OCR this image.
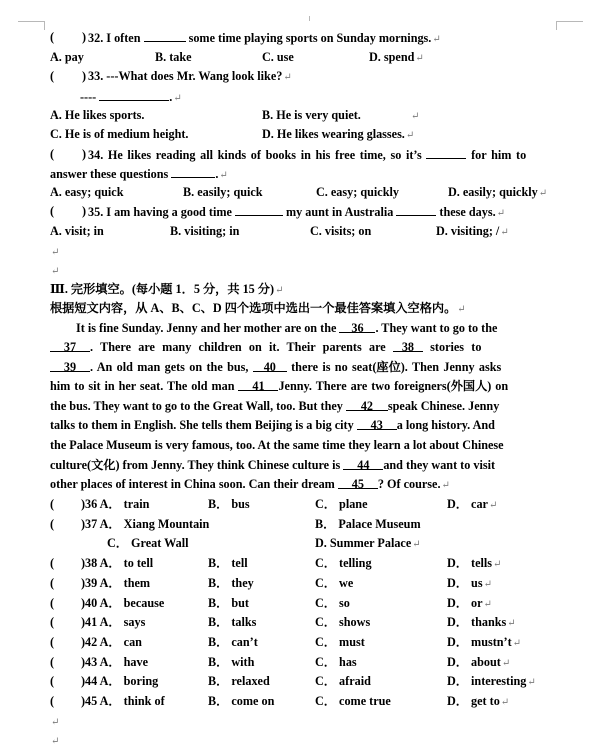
( ) 32. I often	some time playing sports on Sunday mornings.↵
A. pay	B. take	C. use	D. spend↵
( ) 33. ---What does Mr. Wang look like?↵
----	.↵
A. He likes sports.	B. He is very quiet.	↵
C. He is of medium height.	D. He likes wearing glasses.↵
( ) 34. He likes reading all kinds of books in his free time, so it’s	for him to
answer these questions	.↵
A. easy; quick	B. easily; quick	C. easy; quickly	D. easily; quickly↵
( ) 35. I am having a good time	my aunt in Australia	these days.↵
A. visit; in	B. visiting; in	C. visits; on	D. visiting; /↵
↵
↵
Ⅲ. 完形填空。(每小题 1．5 分，共 15 分)↵
根据短文内容，从 A、B、C、D 四个选项中选出一个最佳答案填入空格内。↵
It is fine Sunday. Jenny and her mother are on the 36 . They want to go to the
37 . There are many children on it. Their parents are 38 stories to
39 . An old man gets on the bus, 40 there is no seat(座位). Then Jenny asks
him to sit in her seat. The old man 41 Jenny. There are two foreigners(外国人) on
the bus. They want to go to the Great Wall, too. But they 42 speak Chinese. Jenny
talks to them in English. She tells them Beijing is a big city 43 a long history. And
the Palace Museum is very famous, too. At the same time they learn a lot about Chinese
culture(文化) from Jenny. They think Chinese culture is 44 and they want to visit
other places of interest in China soon. Can their dream 45 ? Of course.↵
( )36 A． train	B． bus	C． plane	D． car↵
( )37 A． Xiang Mountain	B． Palace Museum
C． Great Wall	D. Summer Palace↵
( )38 A． to tell	B． tell	C． telling	D． tells↵
( )39 A． them	B． they	C． we	D． us↵
( )40 A． because	B． but	C． so	D． or↵
( )41 A． says	B． talks	C． shows	D． thanks↵
( )42 A． can	B． can’t	C． must	D． mustn’t↵
( )43 A． have	B． with	C． has	D． about↵
( )44 A． boring	B． relaxed	C． afraid	D． interesting↵
( )45 A． think of	B． come on	C． come true	D． get to↵
↵
↵
